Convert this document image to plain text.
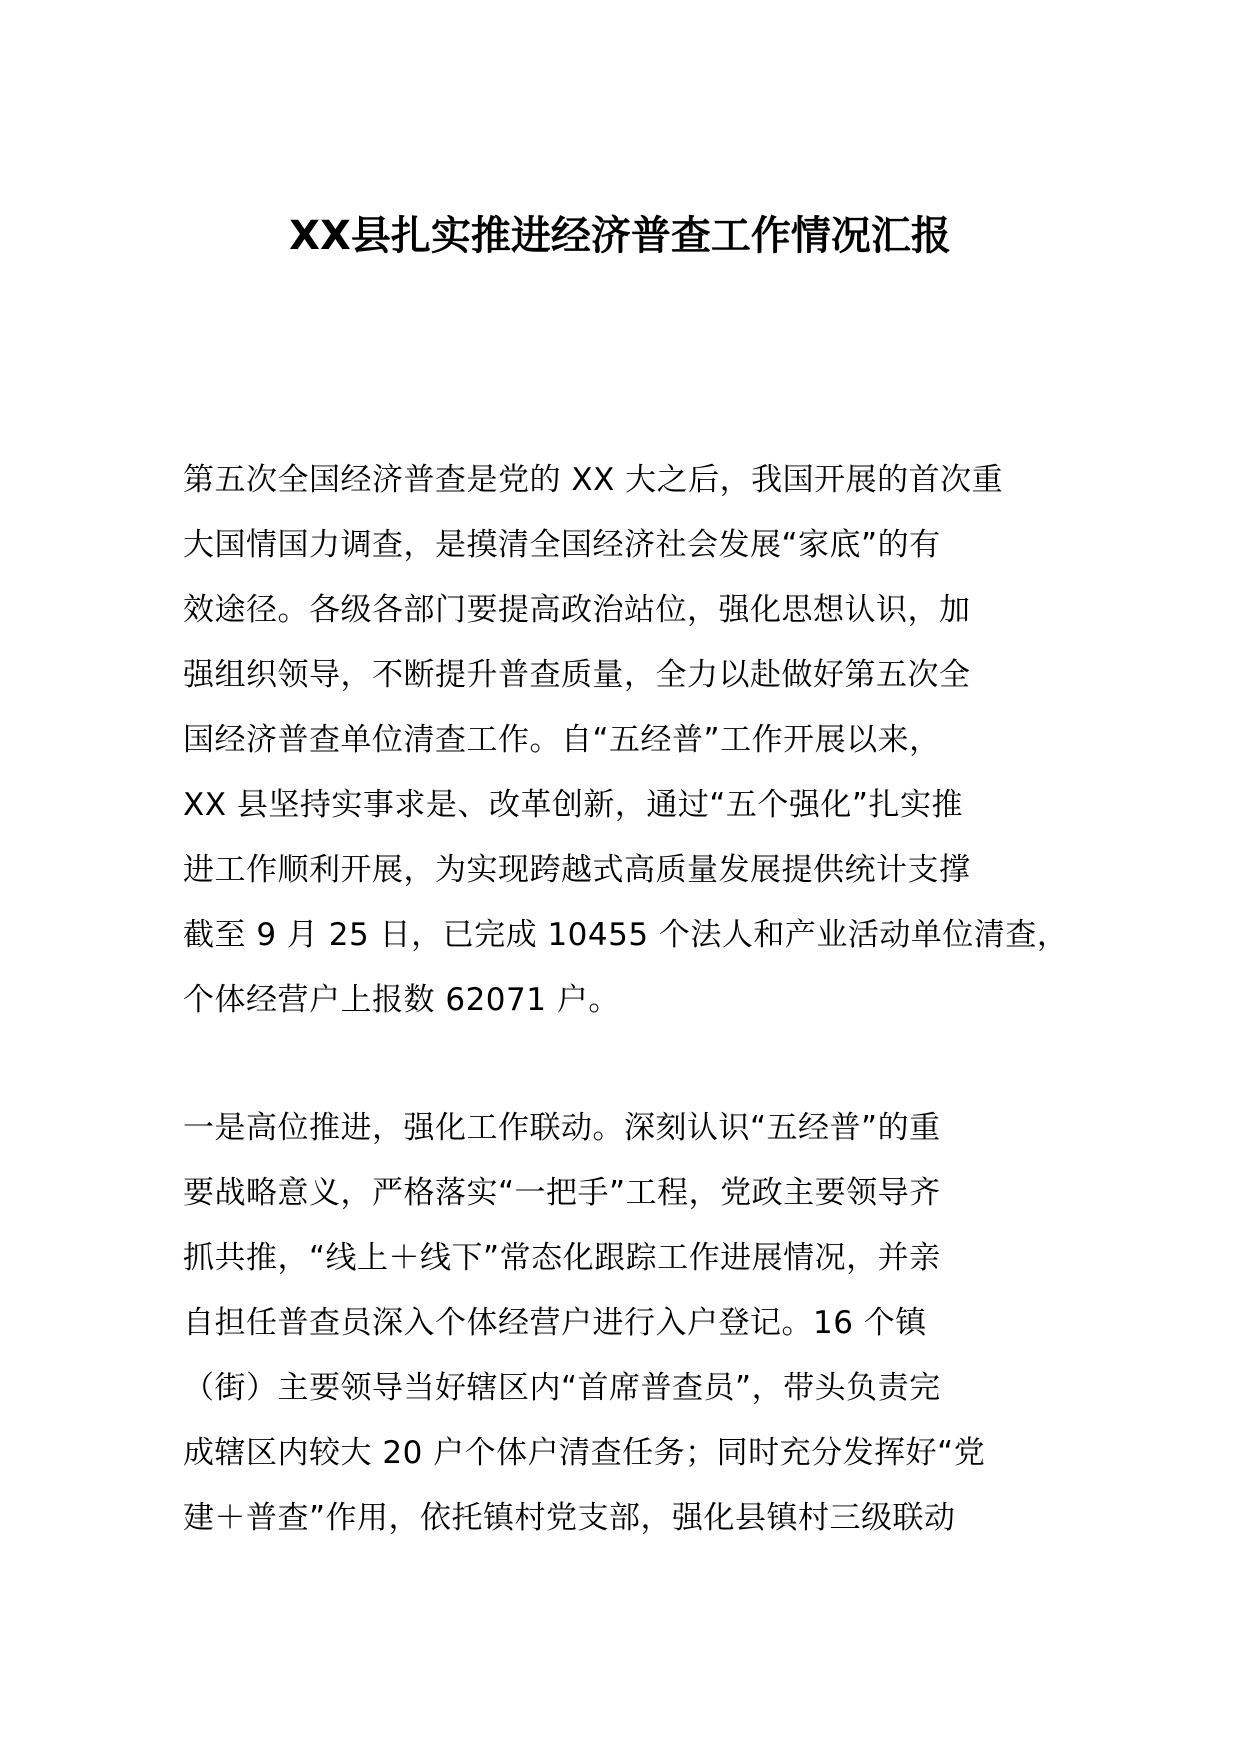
XX县扎实推进经济普查工作情况汇报
第五次全国经济普查是党的 XX 大之后，我国开展的首次重
大国情国力调查，是摸清全国经济社会发展“家底”的有
效途径。各级各部门要提高政治站位，强化思想认识，加
强组织领导，不断提升普查质量，全力以赴做好第五次全
国经济普查单位清查工作。自“五经普”工作开展以来，
XX 县坚持实事求是、改革创新，通过“五个强化”扎实推
进工作顺利开展，为实现跨越式高质量发展提供统计支撑
截至 9 月 25 日，已完成 10455 个法人和产业活动单位清查，
个体经营户上报数 62071 户。
一是高位推进，强化工作联动。深刻认识“五经普”的重
要战略意义，严格落实“一把手”工程，党政主要领导齐
抓共推，“线上＋线下”常态化跟踪工作进展情况，并亲
自担任普查员深入个体经营户进行入户登记。16 个镇
（街）主要领导当好辖区内“首席普查员”，带头负责完
成辖区内较大 20 户个体户清查任务；同时充分发挥好“党
建＋普查”作用，依托镇村党支部，强化县镇村三级联动
